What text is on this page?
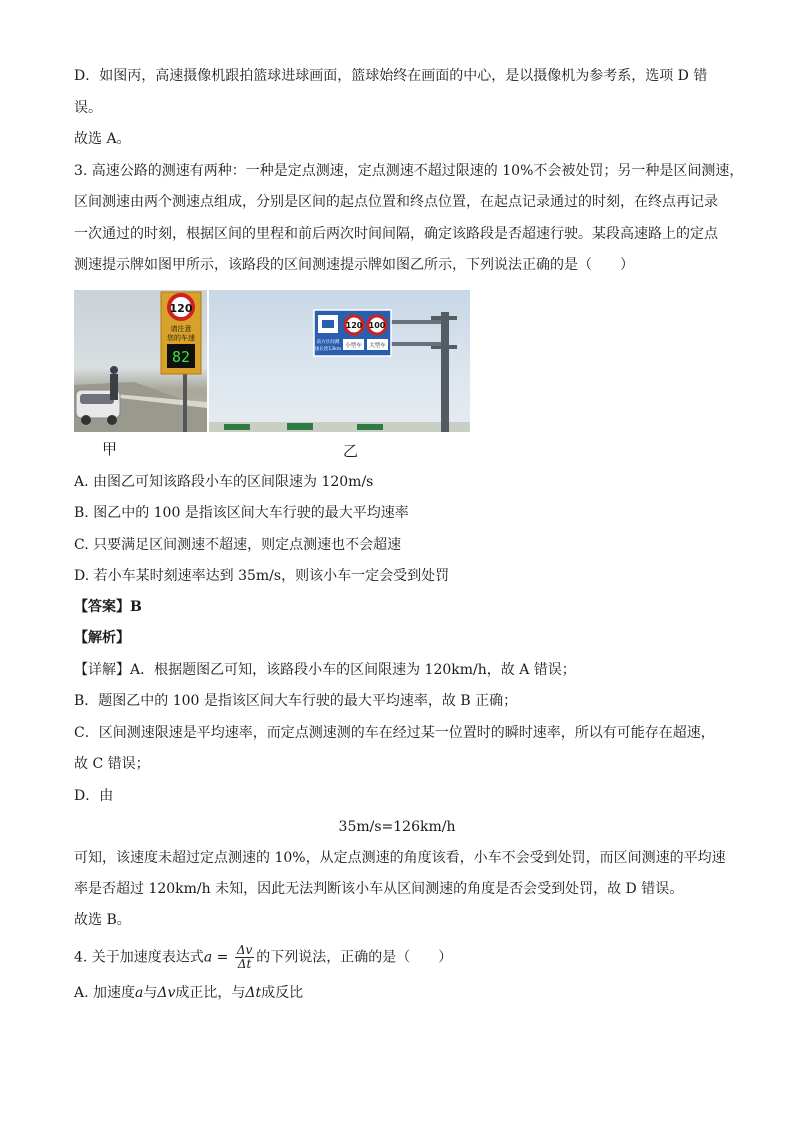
D．如图丙，高速摄像机跟拍篮球进球画面，篮球始终在画面的中心，是以摄像机为参考系，选项 D 错
误。
故选 A。
3. 高速公路的测速有两种：一种是定点测速，定点测速不超过限速的 10%不会被处罚；另一种是区间测速，
区间测速由两个测速点组成，分别是区间的起点位置和终点位置，在起点记录通过的时刻，在终点再记录
一次通过的时刻，根据区间的里程和前后两次时间间隔，确定该路段是否超速行驶。某段高速路上的定点
测速提示牌如图甲所示，该路段的区间测速提示牌如图乙所示，下列说法正确的是（　　）
120
请注意
您的车速
82
120 100
前方区间测
速长度13km
小型车 大型车
甲	乙
A. 由图乙可知该路段小车的区间限速为 120m/s
B. 图乙中的 100 是指该区间大车行驶的最大平均速率
C. 只要满足区间测速不超速，则定点测速也不会超速
D. 若小车某时刻速率达到 35m/s，则该小车一定会受到处罚
【答案】B
【解析】
【详解】A．根据题图乙可知，该路段小车的区间限速为 120km/h，故 A 错误；
B．题图乙中的 100 是指该区间大车行驶的最大平均速率，故 B 正确；
C．区间测速限速是平均速率，而定点测速测的车在经过某一位置时的瞬时速率，所以有可能存在超速，
故 C 错误；
D．由
35m/s=126km/h
可知，该速度未超过定点测速的 10%，从定点测速的角度该看，小车不会受到处罚，而区间测速的平均速
率是否超过 120km/h 未知，因此无法判断该小车从区间测速的角度是否会受到处罚，故 D 错误。
故选 B。
4. 关于加速度表达式$a = \frac{\Delta v}{\Delta t}$ 的下列说法，正确的是（　　）
A. 加速度a与Δv成正比，与Δt成反比
